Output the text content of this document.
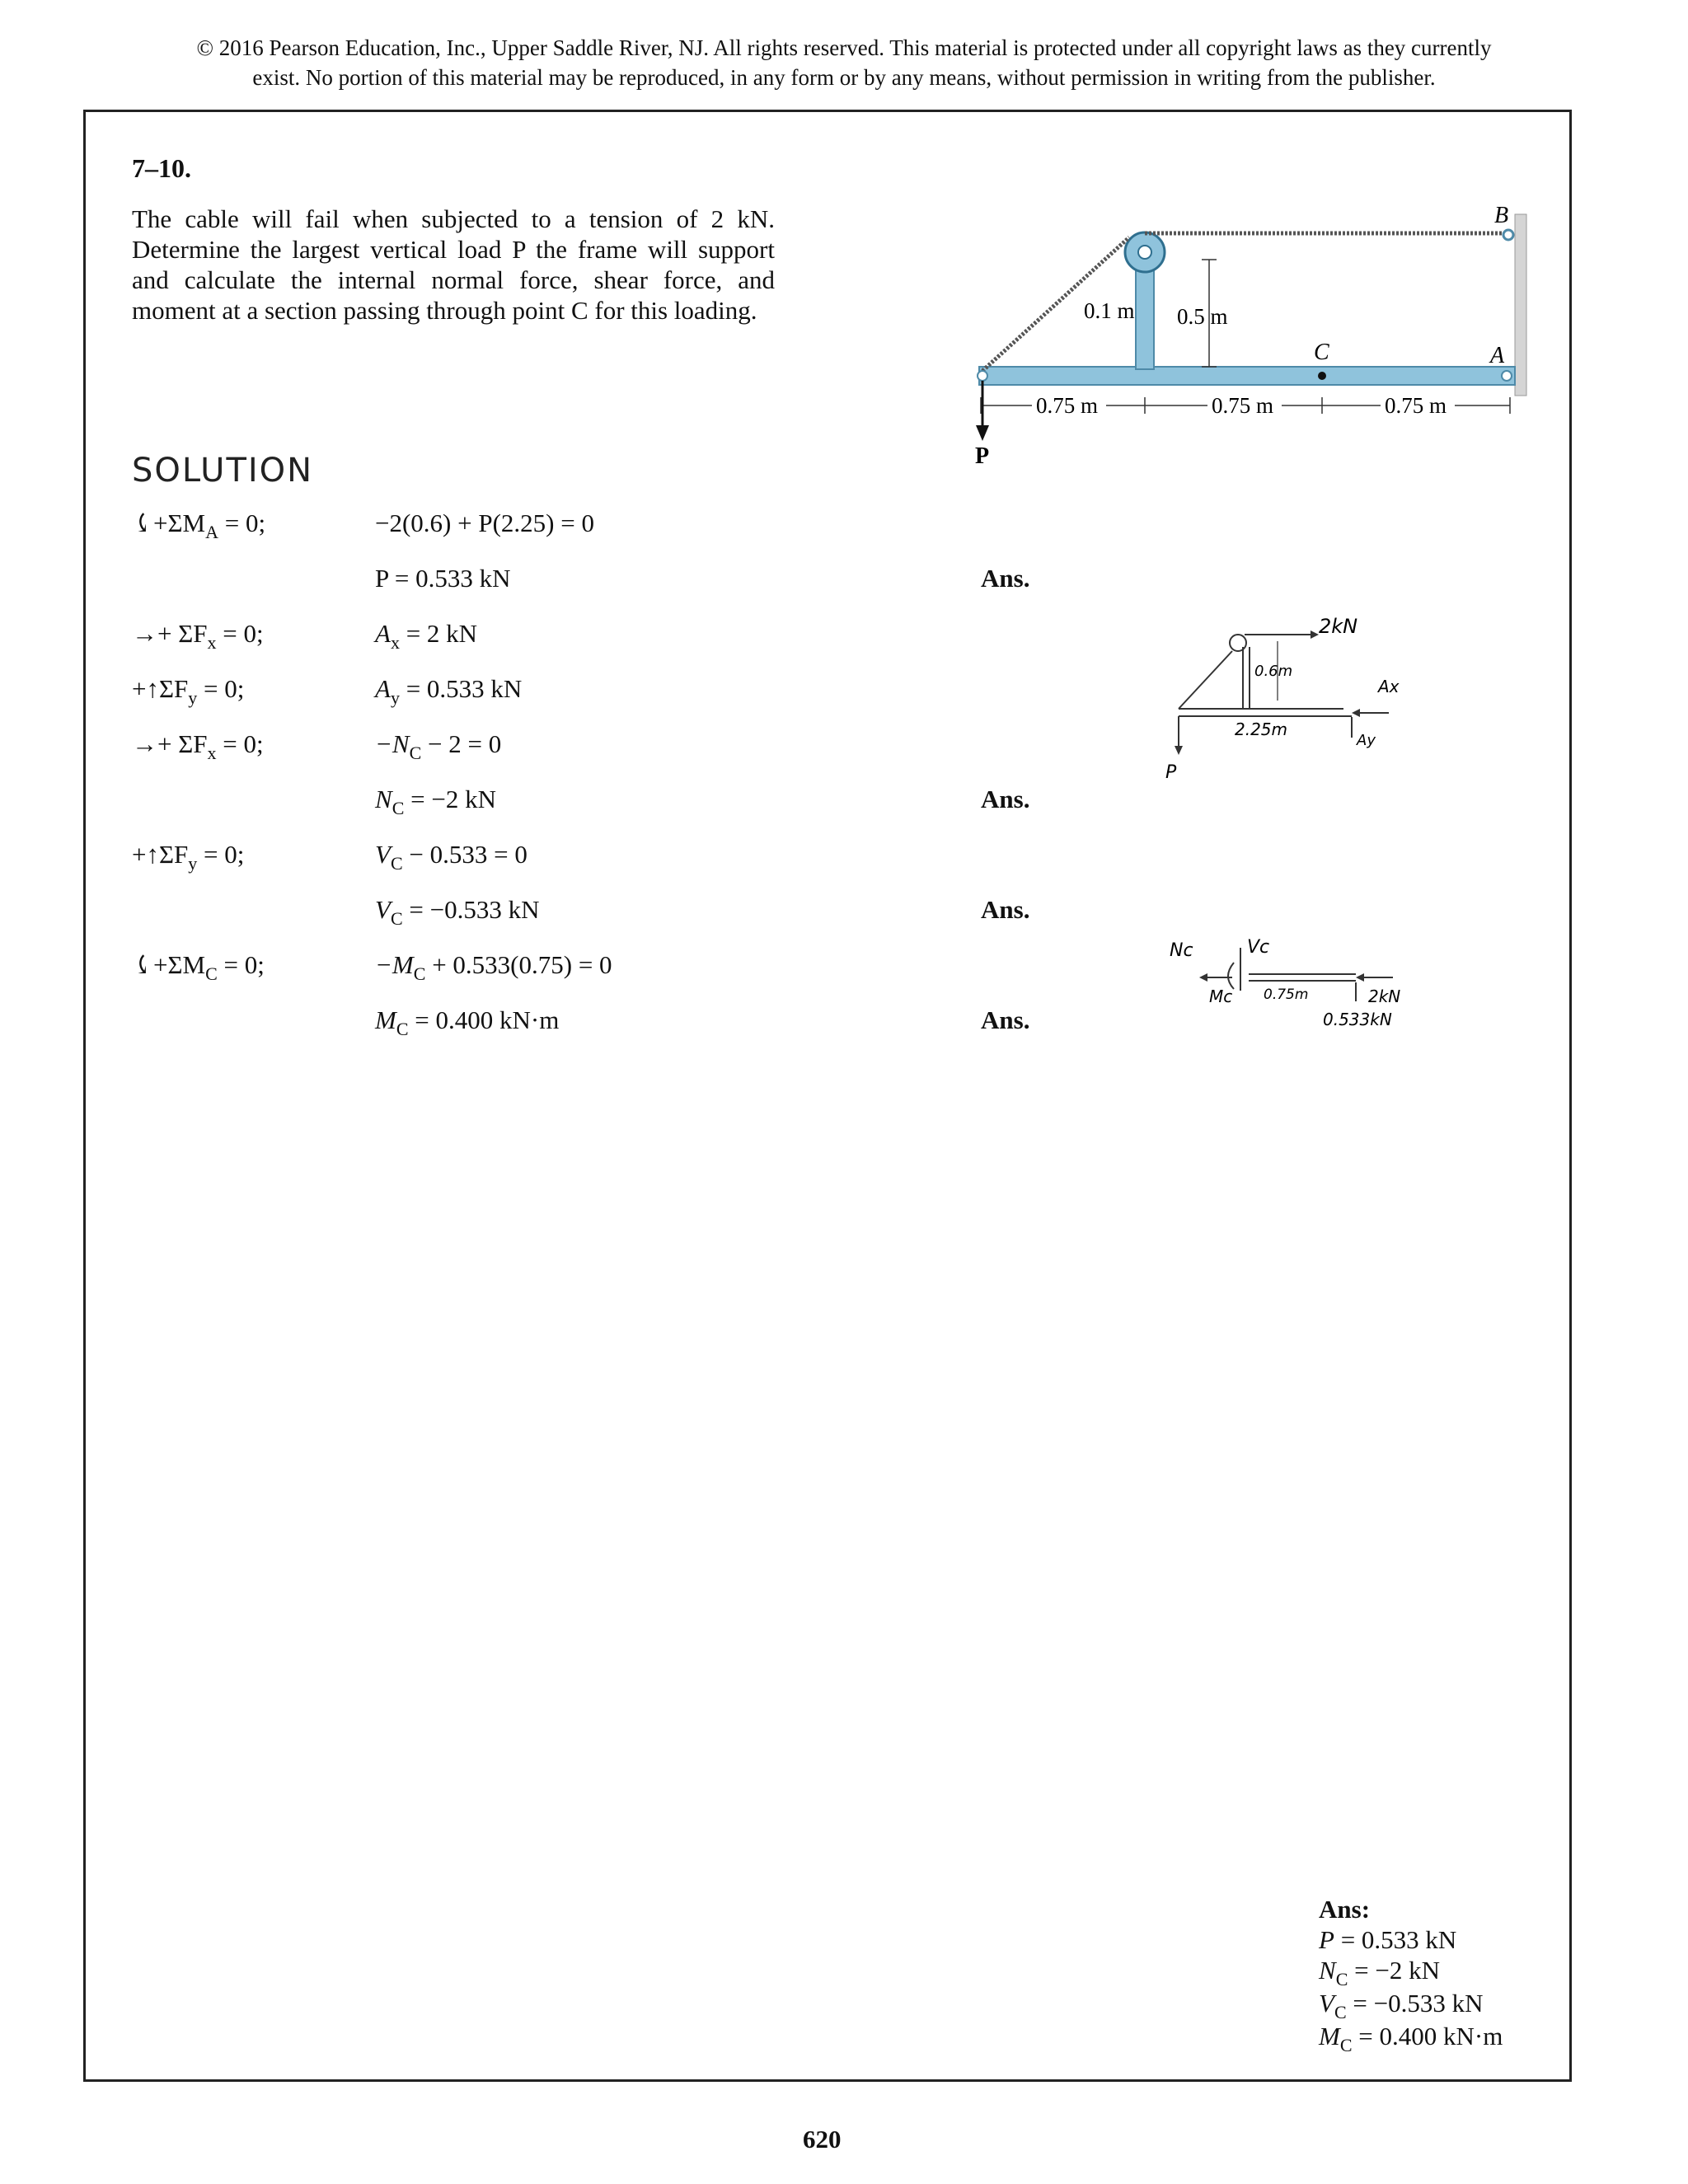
© 2016 Pearson Education, Inc., Upper Saddle River, NJ. All rights reserved. This material is protected under all copyright laws as they currently
exist. No portion of this material may be reproduced, in any form or by any means, without permission in writing from the publisher.
7–10.
The cable will fail when subjected to a tension of 2 kN.
Determine the largest vertical load P the frame will support
and calculate the internal normal force, shear force, and
moment at a section passing through point C for this loading.
B
A
C
P
0.1 m 0.5 m
0.75 m	0.75 m	0.75 m
SOLUTION
$⤹+\Sigma M_A = 0$;	−2(0.6) + P(2.25) = 0
P = 0.533 kN	Ans.
→+ $\Sigma F_x = 0$;	$A_x = 2$ kN
$+↑\Sigma F_y = 0$;	$A_y = 0.533$ kN
→+ $\Sigma F_x = 0$;	$-N_C - 2 = 0$
$N_C = -2$ kN	Ans.
$+↑\Sigma F_y = 0$;	$V_C - 0.533 = 0$
$V_C = -0.533$ kN	Ans.
$⤹+\Sigma M_C = 0$;	$-M_C + 0.533(0.75) = 0$
$M_C = 0.400$ kN·m	Ans.
2kN
0.6m
2.25m
Ax
Ay
P
Nc	Vc
Mc 0.75m	2kN
0.533kN
Ans:
P = 0.533 kN
$N_C = -2$ kN
$V_C = -0.533$ kN
$M_C = 0.400$ kN·m
620
